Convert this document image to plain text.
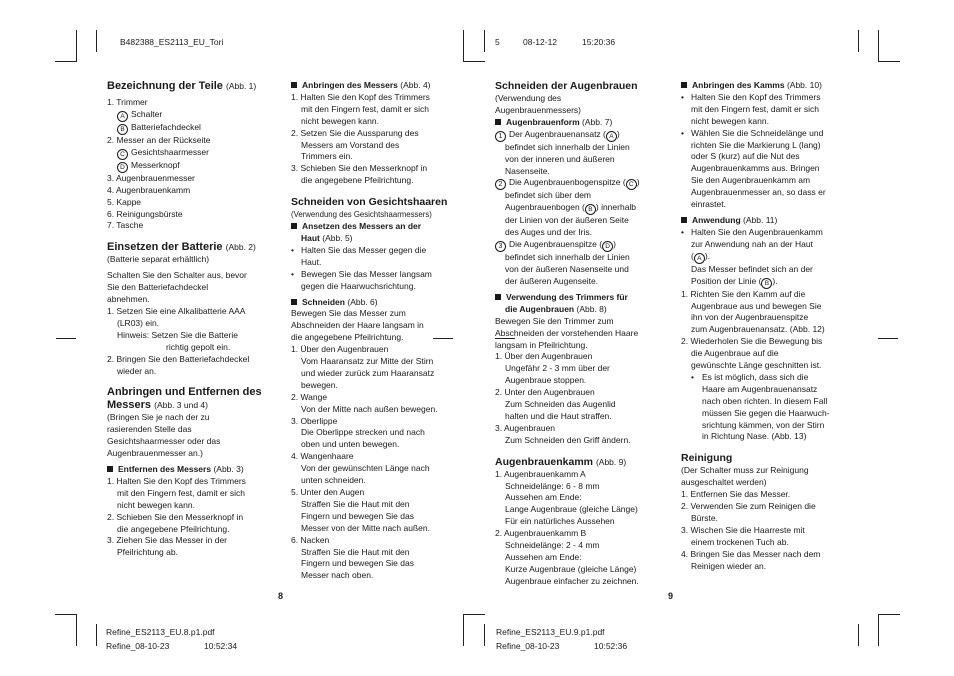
B482388_ES2113_EU_Tori	5	08-12-12	15:20:36
Refine_ES2113_EU.8.p1.pdf
Refine_08-10-23	10:52:34
Refine_ES2113_EU.9.p1.pdf
Refine_08-10-23	10:52:36
8	9

Bezeichnung der Teile (Abb. 1)

1. Trimmer

A Schalter

B Batteriefachdeckel

2. Messer an der Rückseite

C Gesichtshaarmesser

D Messerknopf

3. Augenbrauenmesser

4. Augenbrauenkamm

5. Kappe

6. Reinigungsbürste

7. Tasche

Einsetzen der Batterie (Abb. 2)

(Batterie separat erhältlich)

Schalten Sie den Schalter aus, bevor

Sie den Batteriefachdeckel

abnehmen.

1. Setzen Sie eine Alkalibatterie AAA

(LR03) ein.

Hinweis: Setzen Sie die Batterie

richtig gepolt ein.

2. Bringen Sie den Batteriefachdeckel

wieder an.

Anbringen und Entfernen des

Messers (Abb. 3 und 4)

(Bringen Sie je nach der zu

rasierenden Stelle das

Gesichtshaarmesser oder das

Augenbrauenmesser an.)

Entfernen des Messers (Abb. 3)

1. Halten Sie den Kopf des Trimmers

mit den Fingern fest, damit er sich

nicht bewegen kann.

2. Schieben Sie den Messerknopf in

die angegebene Pfeilrichtung.

3. Ziehen Sie das Messer in der

Pfeilrichtung ab.

Anbringen des Messers (Abb. 4)

1. Halten Sie den Kopf des Trimmers

mit den Fingern fest, damit er sich

nicht bewegen kann.

2. Setzen Sie die Aussparung des

Messers am Vorstand des

Trimmers ein.

3. Schieben Sie den Messerknopf in

die angegebene Pfeilrichtung.

Schneiden von Gesichtshaaren

(Verwendung des Gesichtshaarmessers)

Ansetzen des Messers an der

Haut (Abb. 5)

• Halten Sie das Messer gegen die

Haut.

• Bewegen Sie das Messer langsam

gegen die Haarwuchsrichtung.

Schneiden (Abb. 6)

Bewegen Sie das Messer zum

Abschneiden der Haare langsam in

die angegebene Pfeilrichtung.

1. Über den Augenbrauen

Vom Haaransatz zur Mitte der Stirn

und wieder zurück zum Haaransatz

bewegen.

2. Wange

Von der Mitte nach außen bewegen.

3. Oberlippe

Die Oberlippe strecken und nach

oben und unten bewegen.

4. Wangenhaare

Von der gewünschten Länge nach

unten schneiden.

5. Unter den Augen

Straffen Sie die Haut mit den

Fingern und bewegen Sie das

Messer von der Mitte nach außen.

6. Nacken

Straffen Sie die Haut mit den

Fingern und bewegen Sie das

Messer nach oben.

Schneiden der Augenbrauen

(Verwendung des

Augenbrauenmessers)

Augenbrauenform (Abb. 7)

1 Der Augenbrauenansatz ( A )

befindet sich innerhalb der Linien

von der inneren und äußeren

Nasenseite.

2 Die Augenbrauenbogenspitze ( C )

befindet sich über dem

Augenbrauenbogen ( B ) innerhalb

der Linien von der äußeren Seite

des Auges und der Iris.

3 Die Augenbrauenspitze ( D )

befindet sich innerhalb der Linien

von der äußeren Nasenseite und

der äußeren Augenseite.

Verwendung des Trimmers für

die Augenbrauen (Abb. 8)

Bewegen Sie den Trimmer zum

Abschneiden der vorstehenden Haare

langsam in Pfeilrichtung.

1. Über den Augenbrauen

Ungefähr 2 - 3 mm über der

Augenbraue stoppen.

2. Unter den Augenbrauen

Zum Schneiden das Augenlid

halten und die Haut straffen.

3. Augenbrauen

Zum Schneiden den Griff ändern.

Augenbrauenkamm (Abb. 9)

1. Augenbrauenkamm A

Schneidelänge: 6 - 8 mm

Aussehen am Ende:

Lange Augenbraue (gleiche Länge)

Für ein natürliches Aussehen

2. Augenbrauenkamm B

Schneidelänge: 2 - 4 mm

Aussehen am Ende:

Kurze Augenbraue (gleiche Länge)

Augenbraue einfacher zu zeichnen.

Anbringen des Kamms (Abb. 10)

• Halten Sie den Kopf des Trimmers

mit den Fingern fest, damit er sich

nicht bewegen kann.

• Wählen Sie die Schneidelänge und

richten Sie die Markierung L (lang)

oder S (kurz) auf die Nut des

Augenbrauenkamms aus. Bringen

Sie den Augenbrauenkamm am

Augenbrauenmesser an, so dass er

einrastet.

Anwendung (Abb. 11)

• Halten Sie den Augenbrauenkamm

zur Anwendung nah an der Haut

( A ).

Das Messer befindet sich an der

Position der Linie ( B ).

1. Richten Sie den Kamm auf die

Augenbraue aus und bewegen Sie

ihn von der Augenbrauenspitze

zum Augenbrauenansatz. (Abb. 12)

2. Wiederholen Sie die Bewegung bis

die Augenbraue auf die

gewünschte Länge geschnitten ist.

• Es ist möglich, dass sich die

Haare am Augenbrauenansatz

nach oben richten. In diesem Fall

müssen Sie gegen die Haarwuch-

srichtung kämmen, von der Stirn

in Richtung Nase. (Abb. 13)

Reinigung

(Der Schalter muss zur Reinigung

ausgeschaltet werden)

1. Entfernen Sie das Messer.

2. Verwenden Sie zum Reinigen die

Bürste.

3. Wischen Sie die Haarreste mit

einem trockenen Tuch ab.

4. Bringen Sie das Messer nach dem

Reinigen wieder an.
